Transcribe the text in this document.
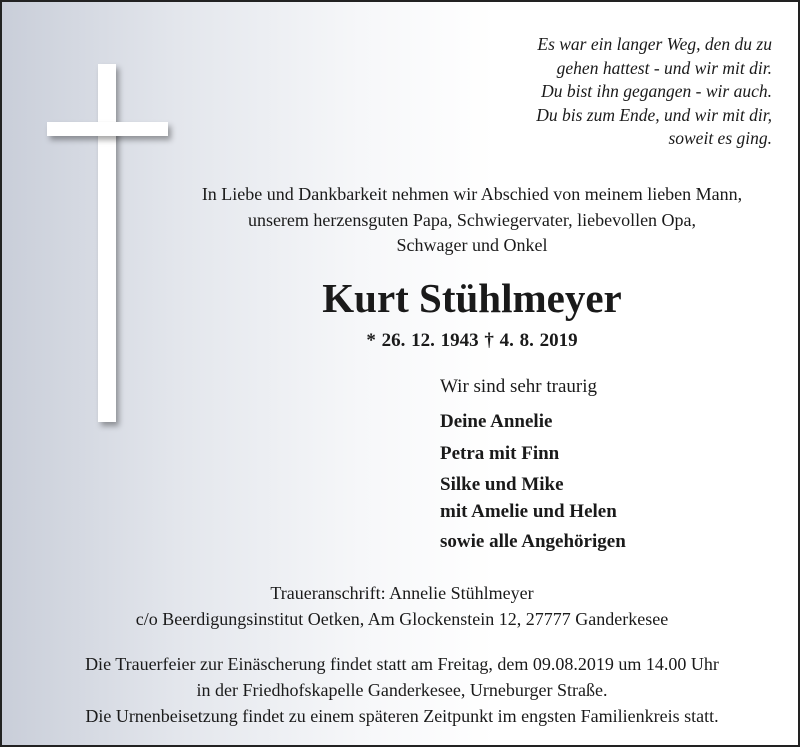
Es war ein langer Weg, den du zu
gehen hattest - und wir mit dir.
Du bist ihn gegangen - wir auch.
Du bis zum Ende, und wir mit dir,
soweit es ging.
In Liebe und Dankbarkeit nehmen wir Abschied von meinem lieben Mann,
unserem herzensguten Papa, Schwiegervater, liebevollen Opa,
Schwager und Onkel
Kurt Stühlmeyer
* 26. 12. 1943 † 4. 8. 2019
Wir sind sehr traurig
Deine Annelie
Petra mit Finn
Silke und Mike
mit Amelie und Helen
sowie alle Angehörigen
Traueranschrift: Annelie Stühlmeyer
c/o Beerdigungsinstitut Oetken, Am Glockenstein 12, 27777 Ganderkesee
Die Trauerfeier zur Einäscherung findet statt am Freitag, dem 09.08.2019 um 14.00 Uhr
in der Friedhofskapelle Ganderkesee, Urneburger Straße.
Die Urnenbeisetzung findet zu einem späteren Zeitpunkt im engsten Familienkreis statt.
